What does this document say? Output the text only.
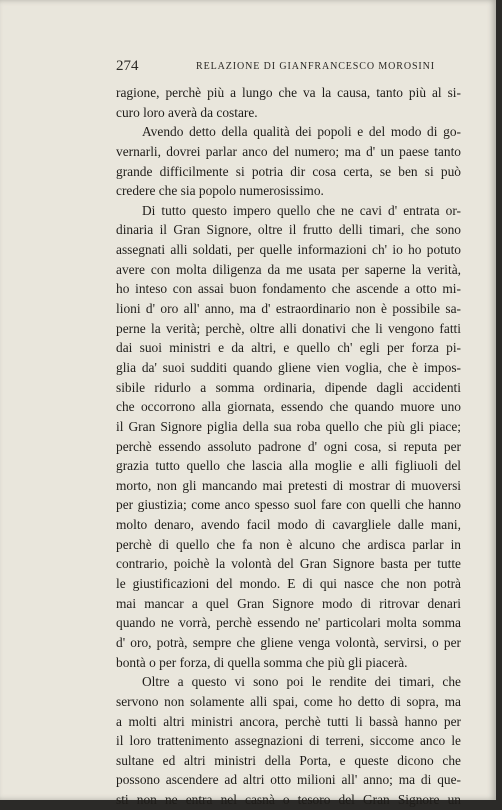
274	RELAZIONE DI GIANFRANCESCO MOROSINI
ragione, perchè più a lungo che va la causa, tanto più al si-
curo loro averà da costare.
Avendo detto della qualità dei popoli e del modo di go-
vernarli, dovrei parlar anco del numero; ma d' un paese tanto
grande difficilmente si potria dir cosa certa, se ben si può
credere che sia popolo numerosissimo.
Di tutto questo impero quello che ne cavi d' entrata or-
dinaria il Gran Signore, oltre il frutto delli timari, che sono
assegnati alli soldati, per quelle informazioni ch' io ho potuto
avere con molta diligenza da me usata per saperne la verità,
ho inteso con assai buon fondamento che ascende a otto mi-
lioni d' oro all' anno, ma d' estraordinario non è possibile sa-
perne la verità; perchè, oltre alli donativi che li vengono fatti
dai suoi ministri e da altri, e quello ch' egli per forza pi-
glia da' suoi sudditi quando gliene vien voglia, che è impos-
sibile ridurlo a somma ordinaria, dipende dagli accidenti
che occorrono alla giornata, essendo che quando muore uno
il Gran Signore piglia della sua roba quello che più gli piace;
perchè essendo assoluto padrone d' ogni cosa, si reputa per
grazia tutto quello che lascia alla moglie e alli figliuoli del
morto, non gli mancando mai pretesti di mostrar di muoversi
per giustizia; come anco spesso suol fare con quelli che hanno
molto denaro, avendo facil modo di cavargliele dalle mani,
perchè di quello che fa non è alcuno che ardisca parlar in
contrario, poichè la volontà del Gran Signore basta per tutte
le giustificazioni del mondo. E di qui nasce che non potrà
mai mancar a quel Gran Signore modo di ritrovar denari
quando ne vorrà, perchè essendo ne' particolari molta somma
d' oro, potrà, sempre che gliene venga volontà, servirsi, o per
bontà o per forza, di quella somma che più gli piacerà.
Oltre a questo vi sono poi le rendite dei timari, che
servono non solamente alli spai, come ho detto di sopra, ma
a molti altri ministri ancora, perchè tutti li bassà hanno per
il loro trattenimento assegnazioni di terreni, siccome anco le
sultane ed altri ministri della Porta, e queste dicono che
possono ascendere ad altri otto milioni all' anno; ma di que-
sti non ne entra nel casnà o tesoro del Gran Signore un
